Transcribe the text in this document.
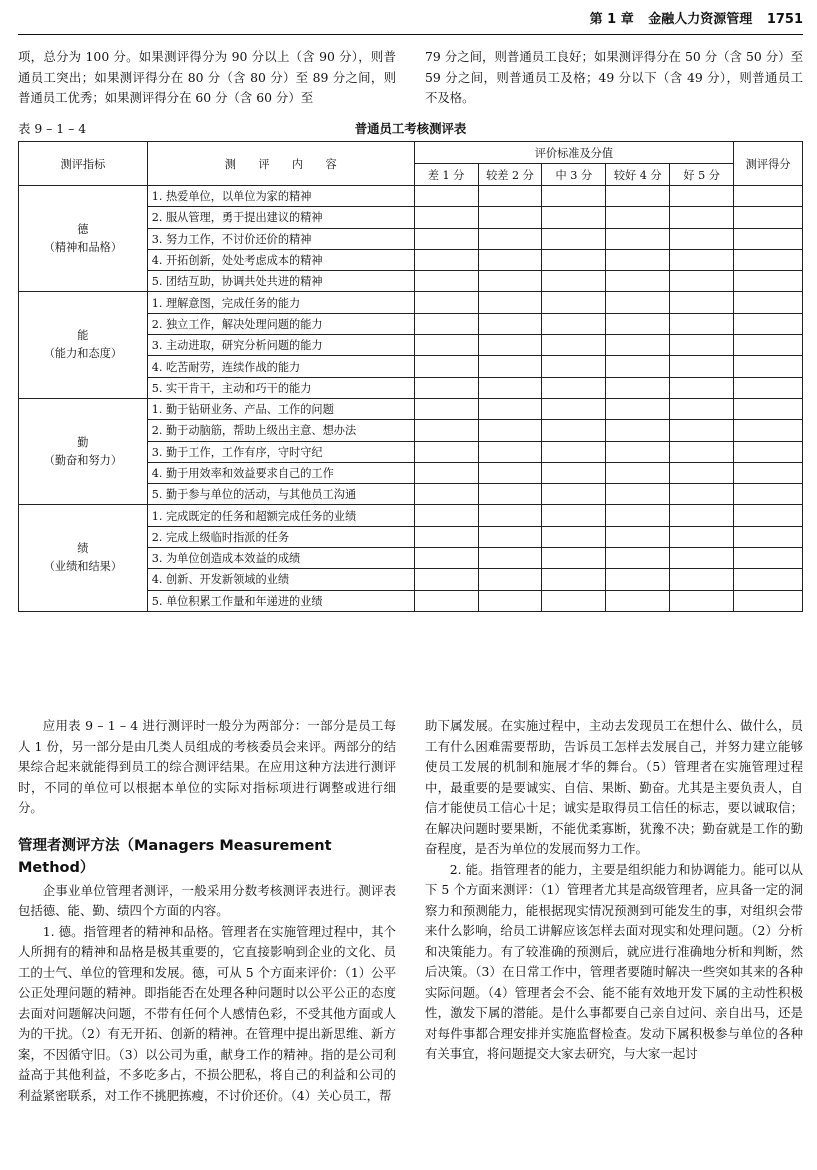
第 1 章 金融人力资源管理 1751

项，总分为 100 分。如果测评得分为 90 分以上（含 90 分），则普通员工突出；如果测评得分在 80 分（含 80 分）至 89 分之间，则普通员工优秀；如果测评得分在 60 分（含 60 分）至

79 分之间，则普通员工良好；如果测评得分在 50 分（含 50 分）至 59 分之间，则普通员工及格；49 分以下（含 49 分），则普通员工不及格。

普通员工考核测评表
表 9 – 1 – 4
测评指标	测　　评　　内　　容	评价标准及分值					测评得分
		差 1 分	较差 2 分	中 3 分	较好 4 分	好 5 分	

德
（精神和品格）	1. 热爱单位，以单位为家的精神						
	2. 服从管理，勇于提出建议的精神						
	3. 努力工作，不讨价还价的精神						
	4. 开拓创新，处处考虑成本的精神						
	5. 团结互助，协调共处共进的精神						

能
（能力和态度）	1. 理解意图，完成任务的能力						
	2. 独立工作，解决处理问题的能力						
	3. 主动进取，研究分析问题的能力						
	4. 吃苦耐劳，连续作战的能力						
	5. 实干肯干，主动和巧干的能力						

勤
（勤奋和努力）	1. 勤于钻研业务、产品、工作的问题						
	2. 勤于动脑筋，帮助上级出主意、想办法						
	3. 勤于工作，工作有序，守时守纪						
	4. 勤于用效率和效益要求自己的工作						
	5. 勤于参与单位的活动，与其他员工沟通						

绩
（业绩和结果）	1. 完成既定的任务和超额完成任务的业绩						
	2. 完成上级临时指派的任务						
	3. 为单位创造成本效益的成绩						
	4. 创新、开发新领域的业绩						
	5. 单位积累工作量和年递进的业绩						

应用表 9 – 1 – 4 进行测评时一般分为两部分：一部分是员工每人 1 份，另一部分是由几类人员组成的考核委员会来评。两部分的结果综合起来就能得到员工的综合测评结果。在应用这种方法进行测评时，不同的单位可以根据本单位的实际对指标项进行调整或进行细分。

管理者测评方法（Managers Measurement Method）

企事业单位管理者测评，一般采用分数考核测评表进行。测评表包括德、能、勤、绩四个方面的内容。

1. 德。指管理者的精神和品格。管理者在实施管理过程中，其个人所拥有的精神和品格是极其重要的，它直接影响到企业的文化、员工的士气、单位的管理和发展。德，可从 5 个方面来评价：（1）公平公正处理问题的精神。即指能否在处理各种问题时以公平公正的态度去面对问题解决问题，不带有任何个人感情色彩，不受其他方面或人为的干扰。（2）有无开拓、创新的精神。在管理中提出新思维、新方案，不因循守旧。（3）以公司为重，献身工作的精神。指的是公司利益高于其他利益，不多吃多占，不损公肥私，将自己的利益和公司的利益紧密联系，对工作不挑肥拣瘦，不讨价还价。（4）关心员工，帮

助下属发展。在实施过程中，主动去发现员工在想什么、做什么，员工有什么困难需要帮助，告诉员工怎样去发展自己，并努力建立能够使员工发展的机制和施展才华的舞台。（5）管理者在实施管理过程中，最重要的是要诚实、自信、果断、勤奋。尤其是主要负责人，自信才能使员工信心十足；诚实是取得员工信任的标志，要以诚取信；在解决问题时要果断，不能优柔寡断，犹豫不决；勤奋就是工作的勤奋程度，是否为单位的发展而努力工作。

2. 能。指管理者的能力，主要是组织能力和协调能力。能可以从下 5 个方面来测评：（1）管理者尤其是高级管理者，应具备一定的洞察力和预测能力，能根据现实情况预测到可能发生的事，对组织会带来什么影响，给员工讲解应该怎样去面对现实和处理问题。（2）分析和决策能力。有了较准确的预测后，就应进行准确地分析和判断，然后决策。（3）在日常工作中，管理者要随时解决一些突如其来的各种实际问题。（4）管理者会不会、能不能有效地开发下属的主动性积极性，激发下属的潜能。是什么事都要自己亲自过问、亲自出马，还是对每件事都合理安排并实施监督检查。发动下属积极参与单位的各种有关事宜，将问题提交大家去研究，与大家一起讨
